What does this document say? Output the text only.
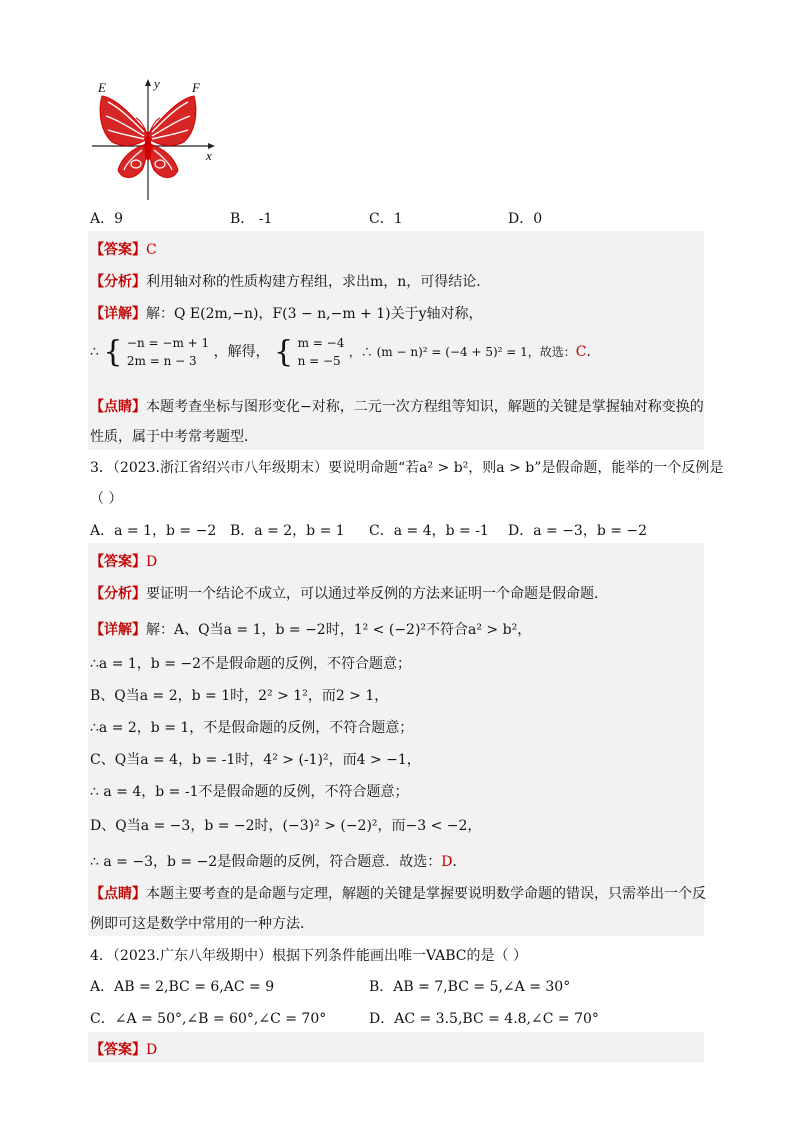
E	F
y
x
A．9	B． -1	C．1	D．0
【答案】C
【分析】利用轴对称的性质构建方程组，求出m，n，可得结论．
【详解】解：Q E(2m,−n)，F(3 − n,−m + 1)关于y轴对称，
∴ { −n = −m + 1
2m = n − 3
，解得， { m = −4
n = −5
，∴ (m − n)² = (−4 + 5)² = 1，故选：C．
【点睛】本题考查坐标与图形变化−对称，二元一次方程组等知识，解题的关键是掌握轴对称变换的
性质，属于中考常考题型．
3．（2023.浙江省绍兴市八年级期末）要说明命题“若a² > b²，则a > b”是假命题，能举的一个反例是
（ ）
A．a = 1，b = −2 B．a = 2，b = 1 C．a = 4，b = -1 D．a = −3，b = −2
【答案】D
【分析】要证明一个结论不成立，可以通过举反例的方法来证明一个命题是假命题．
【详解】解：A、Q当a = 1，b = −2时，1² < (−2)²不符合a² > b²，
∴a = 1，b = −2不是假命题的反例，不符合题意；
B、Q当a = 2，b = 1时，2² > 1²，而2 > 1，
∴a = 2，b = 1，不是假命题的反例，不符合题意；
C、Q当a = 4，b = -1时，4² > (-1)²，而4 > −1，
∴ a = 4，b = -1不是假命题的反例，不符合题意；
D、Q当a = −3，b = −2时，(−3)² > (−2)²，而−3 < −2，
∴ a = −3，b = −2是假命题的反例，符合题意．故选：D．
【点睛】本题主要考查的是命题与定理，解题的关键是掌握要说明数学命题的错误，只需举出一个反
例即可这是数学中常用的一种方法．
4．（2023.广东八年级期中）根据下列条件能画出唯一VABC的是（ ）
A．AB = 2,BC = 6,AC = 9	B．AB = 7,BC = 5,∠A = 30°
C．∠A = 50°,∠B = 60°,∠C = 70°	D．AC = 3.5,BC = 4.8,∠C = 70°
【答案】D
